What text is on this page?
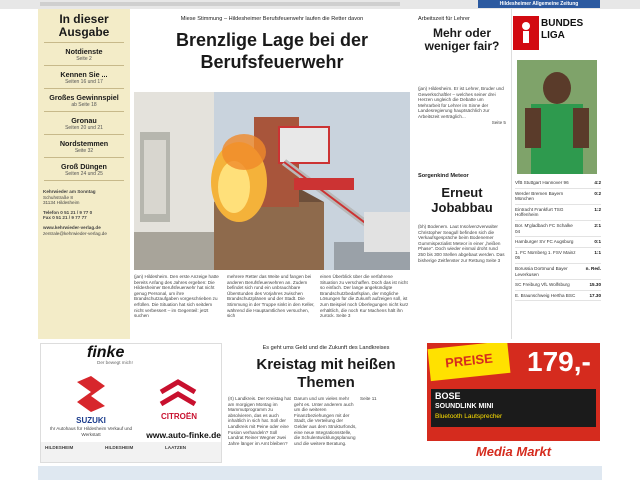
Hildesheimer Allgemeine Zeitung
In dieser Ausgabe
Notdienste
Seite 2
Kennen Sie ...
Seiten 16 und 17
Großes Gewinnspiel
ab Seite 18
Gronau
Seiten 20 und 21
Nordstemmen
Seite 32
Groß Düngen
Seiten 24 und 25
Kehrwieder am Sonntag
Schuhstraße 8
31134 Hildesheim
Telefon 0 51 21 / 9 77 0
Fax 0 51 21 / 9 77 77
www.kehrwieder-verlag.de
zentrale@kehrwieder-verlag.de
Miese Stimmung – Hildesheimer Berufsfeuerwehr laufen die Retter davon
Brenzlige Lage bei der Berufsfeuerwehr
(jan) Hildesheim. Den erste Anzeige hatte bereits Anfang des Jahres ergeben: Die Hildesheimer Berufsfeuerwehr hat nicht genug Personal, um ihre Brandschutzaufgaben vorgeschrieben zu erfüllen. Die Situation hat sich seitdem nicht verbessert – im Gegenteil: jetzt suchen
mehrere Retter das Weite und fangen bei anderen Berufsfeuerwehren an. Zudem befindet sich rund ein unbrauchbare Überstunden des Vorjahres zwischen Brandschutzplänen und der Stadt. Die Stimmung in der Truppe sinkt in den Keller, während die Hauptamtlichen versuchen, sich
einen Überblick über die verfahrene Situation zu verschaffen. Doch das ist nicht so einfach. Der lange angekündigte Brandschutzbedarfsplan, der mögliche Lösungen für die Zukunft aufzeigen soll, ist zum Beispiel noch Überlegungen nicht kurz erhältlich, die noch Kur Machens hält ihn zurück. Seite 3
Arbeitszeit für Lehrer
Mehr oder weniger fair?
(jan) Hildesheim. Er ist Lehrer, Bruder und Gewerkschaftler – welches seiner drei Herzen ungleich die Debatte um Mehrarbeit für Lehrer im Sinne der Landesregierung hauptsächlich zur Arbeitszeit verträglich...
Seite 5
Sorgenkind Meteor
Erneut Jobabbau
(bh) Bodenem. Laut Insolvenzverwalter Christopher Seagull befinden sich die Verkaufsgespräche beim Bodenemer Gummispezialist Meteor in einer „heißen Phase". Doch wieder einmal droht rund 250 bis 300 Stellen abgebaut werden. Das bisherige Zeitfenster zur Rettung Seite 3
BUNDES LIGA
VfB Stuttgart Hannover 96	4:2
Werder Bremen Bayern München
0:2
Eintracht Frankfurt TSG Hoffenheim
1:2
Bor. M'gladbach FC Schalke 04
2:1
Hamburger SV FC Augsburg	0:1
1. FC Nürnberg 1. FSV Mainz 05
1:1
Borussia Dortmund Bayer Leverkusen
n. Red.
SC Freiburg VfL Wolfsburg	15.30
E. Braunschweig Hertha BSC	17.30
finke
Der bewegt mich!
SUZUKI
Ihr Autohaus für Hildesheim Verkauf und Werkstatt
CITROËN
www.auto-finke.de
HILDESHEIM	HILDESHEIM	LAATZEN
Es geht ums Geld und die Zukunft des Landkreises
Kreistag mit heißen Themen
(rt) Landkreis. Der Kreistag hat am morgigen Montag im Mammutprogramm zu absolvieren, das es auch inhaltlich in sich hat. Soll der Landkreis mit Peine oder eine Fusion verhandeln? Soll Landrat Reiner Wegner zwei Jahre länger im Amt bleiben?
Darum und um vieles mehr geht es. Unter anderem auch um die weiteren Finanzbeziehungen mit der Stadt, die Verteilung der Gelder aus dem Strukturfonds, eine neue Integrationsstelle, die Schulentwicklungsplanung und die weitere Beratung.
Seite 11
PREISE	179,-
BOSE
SOUNDLINK MINI
Bluetooth Lautsprecher
Media Markt
